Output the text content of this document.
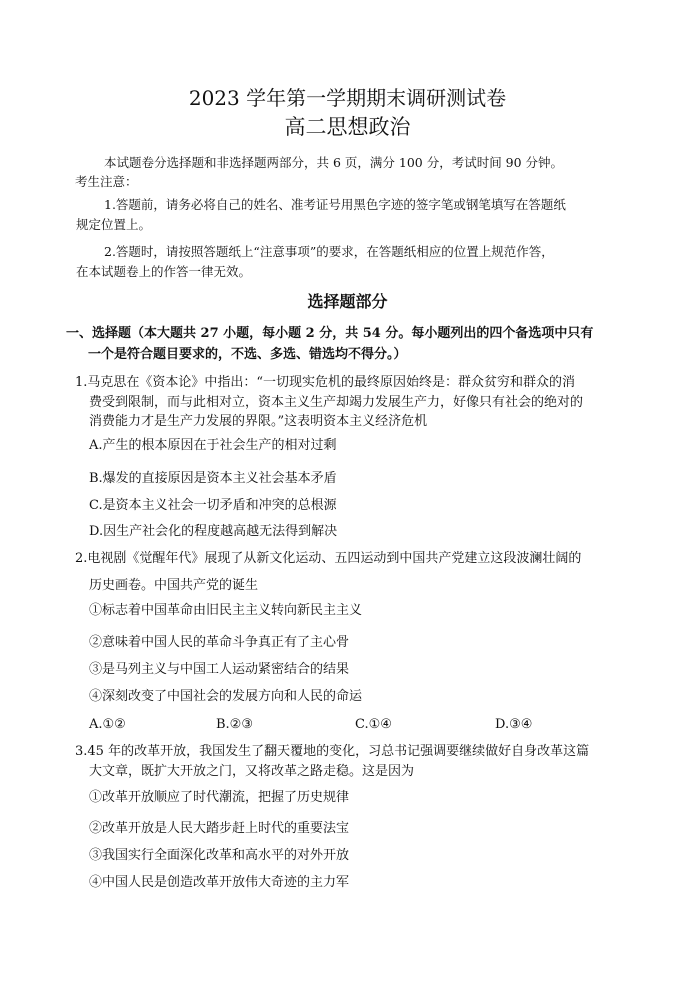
2023 学年第一学期期末调研测试卷
高二思想政治
本试题卷分选择题和非选择题两部分，共 6 页，满分 100 分，考试时间 90 分钟。
考生注意：
1.答题前，请务必将自己的姓名、准考证号用黑色字迹的签字笔或钢笔填写在答题纸
规定位置上。
2.答题时，请按照答题纸上“注意事项”的要求，在答题纸相应的位置上规范作答，
在本试题卷上的作答一律无效。
选择题部分
一、选择题（本大题共 27 小题，每小题 2 分，共 54 分。每小题列出的四个备选项中只有
一个是符合题目要求的，不选、多选、错选均不得分。）
1.马克思在《资本论》中指出：“一切现实危机的最终原因始终是：群众贫穷和群众的消
费受到限制，而与此相对立，资本主义生产却竭力发展生产力，好像只有社会的绝对的
消费能力才是生产力发展的界限。”这表明资本主义经济危机
A.产生的根本原因在于社会生产的相对过剩
B.爆发的直接原因是资本主义社会基本矛盾
C.是资本主义社会一切矛盾和冲突的总根源
D.因生产社会化的程度越高越无法得到解决
2.电视剧《觉醒年代》展现了从新文化运动、五四运动到中国共产党建立这段波澜壮阔的
历史画卷。中国共产党的诞生
①标志着中国革命由旧民主主义转向新民主主义
②意味着中国人民的革命斗争真正有了主心骨
③是马列主义与中国工人运动紧密结合的结果
④深刻改变了中国社会的发展方向和人民的命运
A.①②	B.②③	C.①④	D.③④
3.45 年的改革开放，我国发生了翻天覆地的变化，习总书记强调要继续做好自身改革这篇
大文章，既扩大开放之门，又将改革之路走稳。这是因为
①改革开放顺应了时代潮流，把握了历史规律
②改革开放是人民大踏步赶上时代的重要法宝
③我国实行全面深化改革和高水平的对外开放
④中国人民是创造改革开放伟大奇迹的主力军
